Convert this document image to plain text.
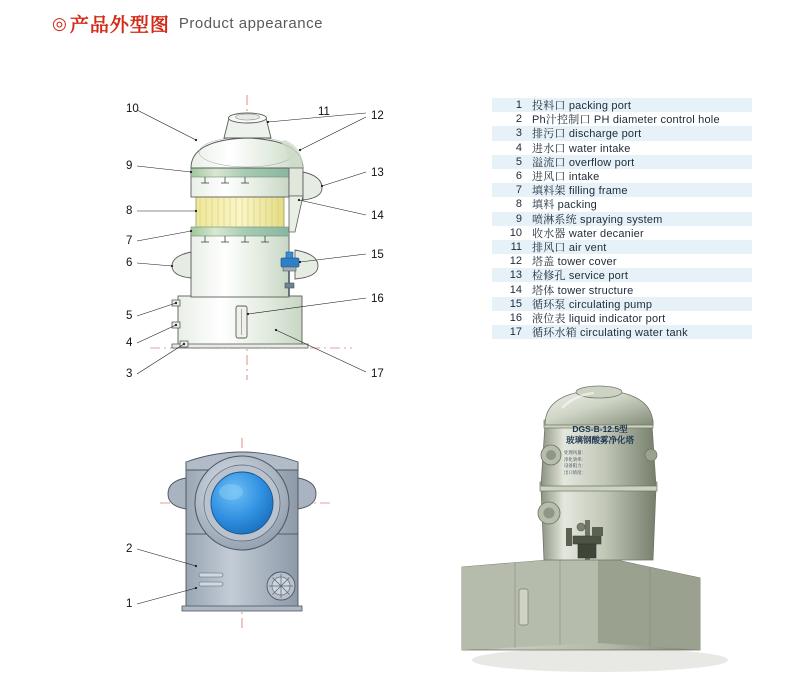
◎ 产品外型图 Product appearance
1 投料口 packing port
2 Ph汁控制口 PH diameter control hole
3 排污口 discharge port
4 进水口 water intake
5 溢流口 overflow port
6 进风口 intake
7 填料架 filling frame
8 填料 packing
9 喷淋系统 spraying system
10 收水器 water decanier
11 排风口 air vent
12 塔盖 tower cover
13 检修孔 service port
14 塔体 tower structure
15 循环泵 circulating pump
16 液位表 liquid indicator port
17 循环水箱 circulating water tank
10	11	12
9
13
8	14
7
15
6
16
5
4
3	17
2
1
DGS-B-12.5型
玻璃钢酸雾净化塔
处理风量：
净化效率：
设备阻力：
出口浓度：
